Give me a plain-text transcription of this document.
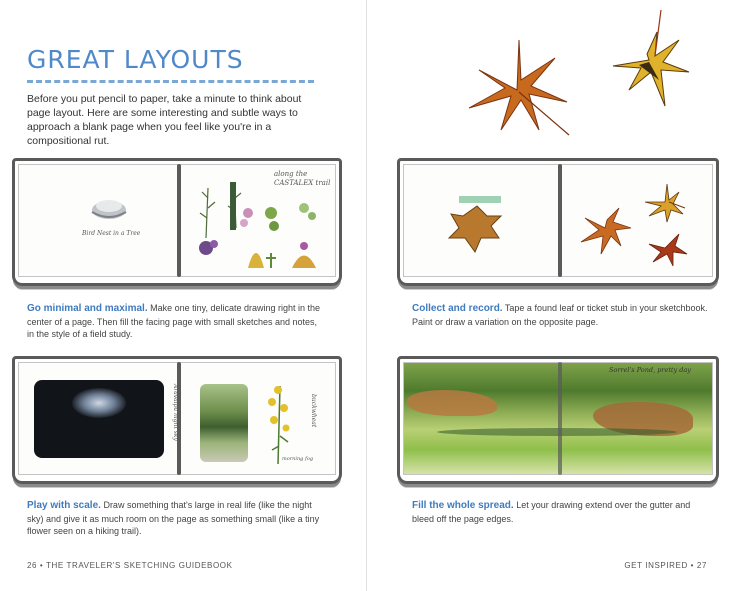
GREAT LAYOUTS

Before you put pencil to paper, take a minute to think about page layout. Here are some interesting and subtle ways to approach a blank page when you feel like you're in a compositional rut.

Bird Nest in a Tree
along the CASTALEX trail
Go minimal and maximal. Make one tiny, delicate drawing right in the center of a page. Then fill the facing page with small sketches and notes, in the style of a field study.
Aravaipa night sky	buckwheat
morning fog
Play with scale. Draw something that's large in real life (like the night sky) and give it as much room on the page as something small (like a tiny flower seen on a hiking trail).
26 • THE TRAVELER'S SKETCHING GUIDEBOOK
Collect and record. Tape a found leaf or ticket stub in your sketchbook. Paint or draw a variation on the opposite page.
Sorrel's Pond, pretty day
Fill the whole spread. Let your drawing extend over the gutter and bleed off the page edges.
GET INSPIRED • 27
